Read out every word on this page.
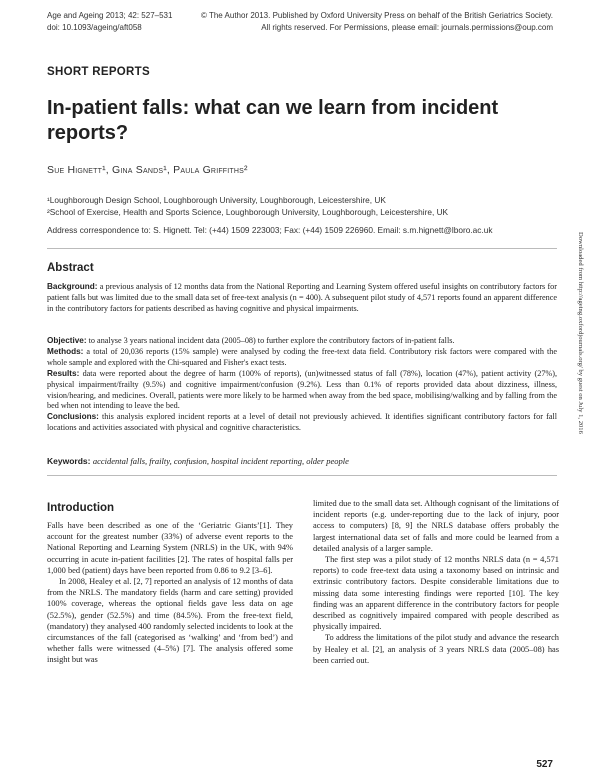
Age and Ageing 2013; 42: 527–531
doi: 10.1093/ageing/aft058
© The Author 2013. Published by Oxford University Press on behalf of the British Geriatrics Society.
All rights reserved. For Permissions, please email: journals.permissions@oup.com
SHORT REPORTS
In-patient falls: what can we learn from incident reports?
Sue Hignett¹, Gina Sands¹, Paula Griffiths²
¹Loughborough Design School, Loughborough University, Loughborough, Leicestershire, UK
²School of Exercise, Health and Sports Science, Loughborough University, Loughborough, Leicestershire, UK
Address correspondence to: S. Hignett. Tel: (+44) 1509 223003; Fax: (+44) 1509 226960. Email: s.m.hignett@lboro.ac.uk
Abstract
Background: a previous analysis of 12 months data from the National Reporting and Learning System offered useful insights on contributory factors for patient falls but was limited due to the small data set of free-text analysis (n = 400). A subsequent pilot study of 4,571 reports found an apparent difference in the contributory factors for patients described as having cognitive and physical impairments.
Objective: to analyse 3 years national incident data (2005–08) to further explore the contributory factors of in-patient falls.
Methods: a total of 20,036 reports (15% sample) were analysed by coding the free-text data field. Contributory risk factors were compared with the whole sample and explored with the Chi-squared and Fisher's exact tests.
Results: data were reported about the degree of harm (100% of reports), (un)witnessed status of fall (78%), location (47%), patient activity (27%), physical impairment/frailty (9.5%) and cognitive impairment/confusion (9.2%). Less than 0.1% of reports provided data about dizziness, illness, vision/hearing, and medicines. Overall, patients were more likely to be harmed when away from the bed space, mobilising/walking and by falling from the bed when not intending to leave the bed.
Conclusions: this analysis explored incident reports at a level of detail not previously achieved. It identifies significant contributory factors for fall locations and activities associated with physical and cognitive characteristics.
Keywords: accidental falls, frailty, confusion, hospital incident reporting, older people
Introduction

Falls have been described as one of the ‘Geriatric Giants’[1]. They account for the greatest number (33%) of adverse event reports to the National Reporting and Learning System (NRLS) in the UK, with 94% occurring in acute in-patient facilities [2]. The rates of hospital falls per 1,000 bed (patient) days have been reported from 0.86 to 9.2 [3–6].

In 2008, Healey et al. [2, 7] reported an analysis of 12 months of data from the NRLS. The mandatory fields (harm and care setting) provided 100% coverage, whereas the optional fields gave less data on age (52.5%), gender (52.5%) and time (84.5%). From the free-text field, (mandatory) they analysed 400 randomly selected incidents to look at the circumstances of the fall (categorised as ‘walking’ and ‘from bed’) and whether falls were witnessed (4–5%) [7]. The analysis offered some insight but was

limited due to the small data set. Although cognisant of the limitations of incident reports (e.g. under-reporting due to the lack of injury, poor access to computers) [8, 9] the NRLS database offers probably the largest international data set of falls and more could be learned from a detailed analysis of a larger sample.

The first step was a pilot study of 12 months NRLS data (n = 4,571 reports) to code free-text data using a taxonomy based on intrinsic and extrinsic contributory factors. Despite considerable limitations due to missing data some interesting findings were reported [10]. The key finding was an apparent difference in the contributory factors for people described as cognitively impaired compared with people described as physically impaired.

To address the limitations of the pilot study and advance the research by Healey et al. [2], an analysis of 3 years NRLS data (2005–08) has been carried out.

527
Downloaded from http://ageing.oxfordjournals.org/ by guest on July 1, 2016
